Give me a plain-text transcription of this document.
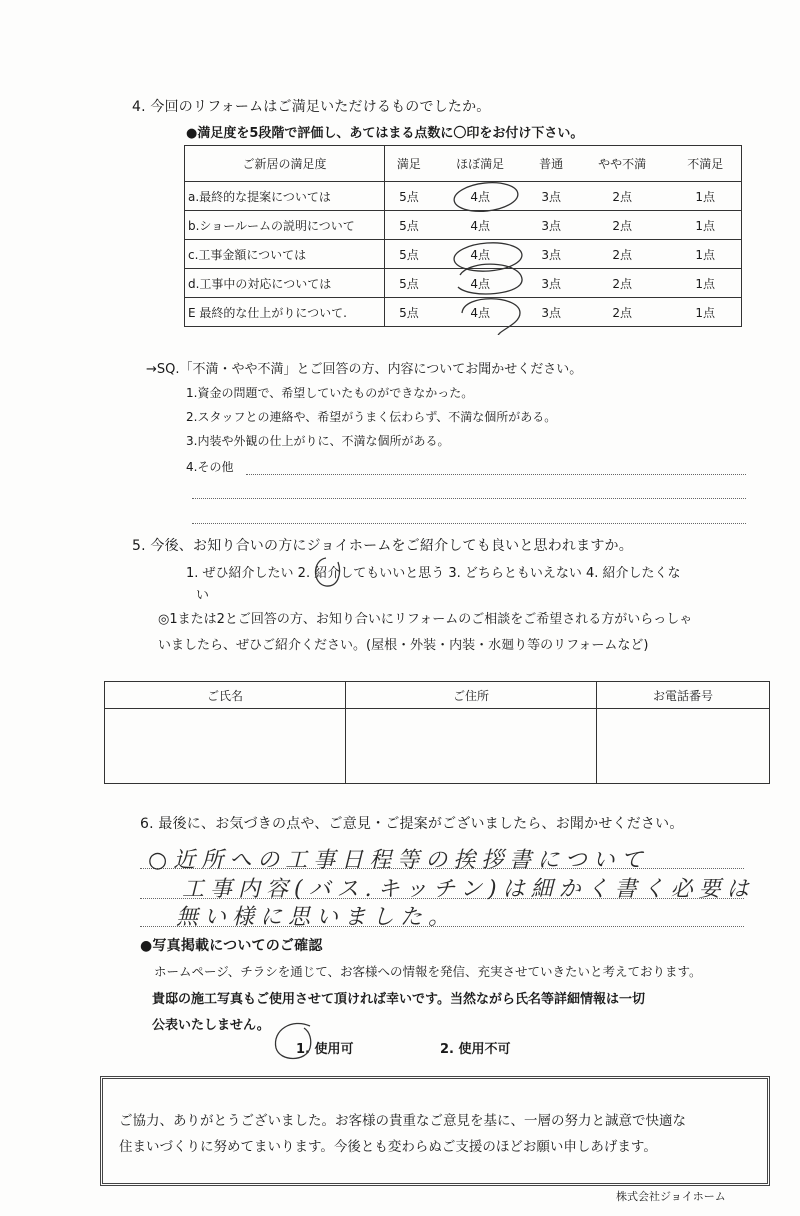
4. 今回のリフォームはご満足いただけるものでしたか。
●満足度を5段階で評価し、あてはまる点数に〇印をお付け下さい。
ご新居の満足度	満足	ほぼ満足	普通	やや不満	不満足
a.最終的な提案については	5点	4点	3点	2点	1点
b.ショールームの説明について	5点	4点	3点	2点	1点
c.工事金額については	5点	4点	3点	2点	1点
d.工事中の対応については	5点	4点	3点	2点	1点
E 最終的な仕上がりについて.	5点	4点	3点	2点	1点
→SQ.「不満・やや不満」とご回答の方、内容についてお聞かせください。
1.資金の問題で、希望していたものができなかった。
2.スタッフとの連絡や、希望がうまく伝わらず、不満な個所がある。
3.内装や外観の仕上がりに、不満な個所がある。
4.その他
5. 今後、お知り合いの方にジョイホームをご紹介しても良いと思われますか。
1. ぜひ紹介したい 2. 紹介してもいいと思う 3. どちらともいえない 4. 紹介したくな
い
◎1または2とご回答の方、お知り合いにリフォームのご相談をご希望される方がいらっしゃ
いましたら、ぜひご紹介ください。(屋根・外装・内装・水廻り等のリフォームなど)
ご氏名	ご住所	お電話番号

6. 最後に、お気づきの点や、ご意見・ご提案がございましたら、お聞かせください。
○近所への工事日程等の挨拶書について
工事内容(バス.キッチン)は細かく書く必要は
無い様に思いました。
●写真掲載についてのご確認
ホームページ、チラシを通じて、お客様への情報を発信、充実させていきたいと考えております。
貴邸の施工写真もご使用させて頂ければ幸いです。当然ながら氏名等詳細情報は一切
公表いたしません。
1. 使用可	2. 使用不可

ご協力、ありがとうございました。お客様の貴重なご意見を基に、一層の努力と誠意で快適な

住まいづくりに努めてまいります。今後とも変わらぬご支援のほどお願い申しあげます。

株式会社ジョイホーム
